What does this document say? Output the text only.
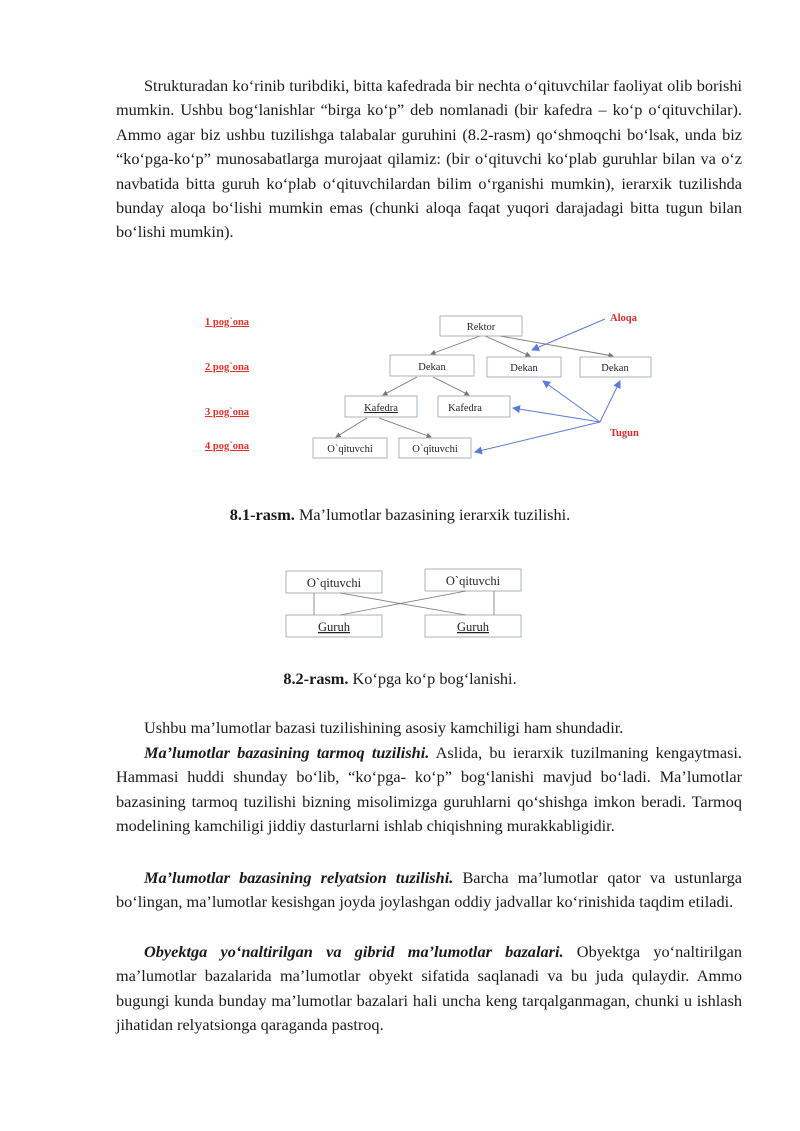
Strukturadan ko‘rinib turibdiki, bitta kafedrada bir nechta o‘qituvchilar faoliyat olib borishi mumkin. Ushbu bog‘lanishlar “birga ko‘p” deb nomlanadi (bir kafedra – ko‘p o‘qituvchilar). Ammo agar biz ushbu tuzilishga talabalar guruhini (8.2-rasm) qo‘shmoqchi bo‘lsak, unda biz “ko‘pga-ko‘p” munosabatlarga murojaat qilamiz: (bir o‘qituvchi ko‘plab guruhlar bilan va o‘z navbatida bitta guruh ko‘plab o‘qituvchilardan bilim o‘rganishi mumkin), ierarxik tuzilishda bunday aloqa bo‘lishi mumkin emas (chunki aloqa faqat yuqori darajadagi bitta tugun bilan bo‘lishi mumkin).

1 pog`ona
2 pog`ona
3 pog`ona
4 pog`ona
Rektor
Dekan	Dekan	Dekan
Kafedra	Kafedra
O`qituvchi	O`qituvchi
Aloqa
Tugun

8.1-rasm. Ma’lumotlar bazasining ierarxik tuzilishi.

O`qituvchi	O`qituvchi
Guruh	Guruh

8.2-rasm. Ko‘pga ko‘p bog‘lanishi.

Ushbu ma’lumotlar bazasi tuzilishining asosiy kamchiligi ham shundadir.

Ma’lumotlar bazasining tarmoq tuzilishi. Aslida, bu ierarxik tuzilmaning kengaytmasi. Hammasi huddi shunday bo‘lib, “ko‘pga- ko‘p” bog‘lanishi mavjud bo‘ladi. Ma’lumotlar bazasining tarmoq tuzilishi bizning misolimizga guruhlarni qo‘shishga imkon beradi. Tarmoq modelining kamchiligi jiddiy dasturlarni ishlab chiqishning murakkabligidir.

Ma’lumotlar bazasining relyatsion tuzilishi. Barcha ma’lumotlar qator va ustunlarga bo‘lingan, ma’lumotlar kesishgan joyda joylashgan oddiy jadvallar ko‘rinishida taqdim etiladi.

Obyektga yo‘naltirilgan va gibrid ma’lumotlar bazalari. Obyektga yo‘naltirilgan ma’lumotlar bazalarida ma’lumotlar obyekt sifatida saqlanadi va bu juda qulaydir. Ammo bugungi kunda bunday ma’lumotlar bazalari hali uncha keng tarqalganmagan, chunki u ishlash jihatidan relyatsionga qaraganda pastroq.
